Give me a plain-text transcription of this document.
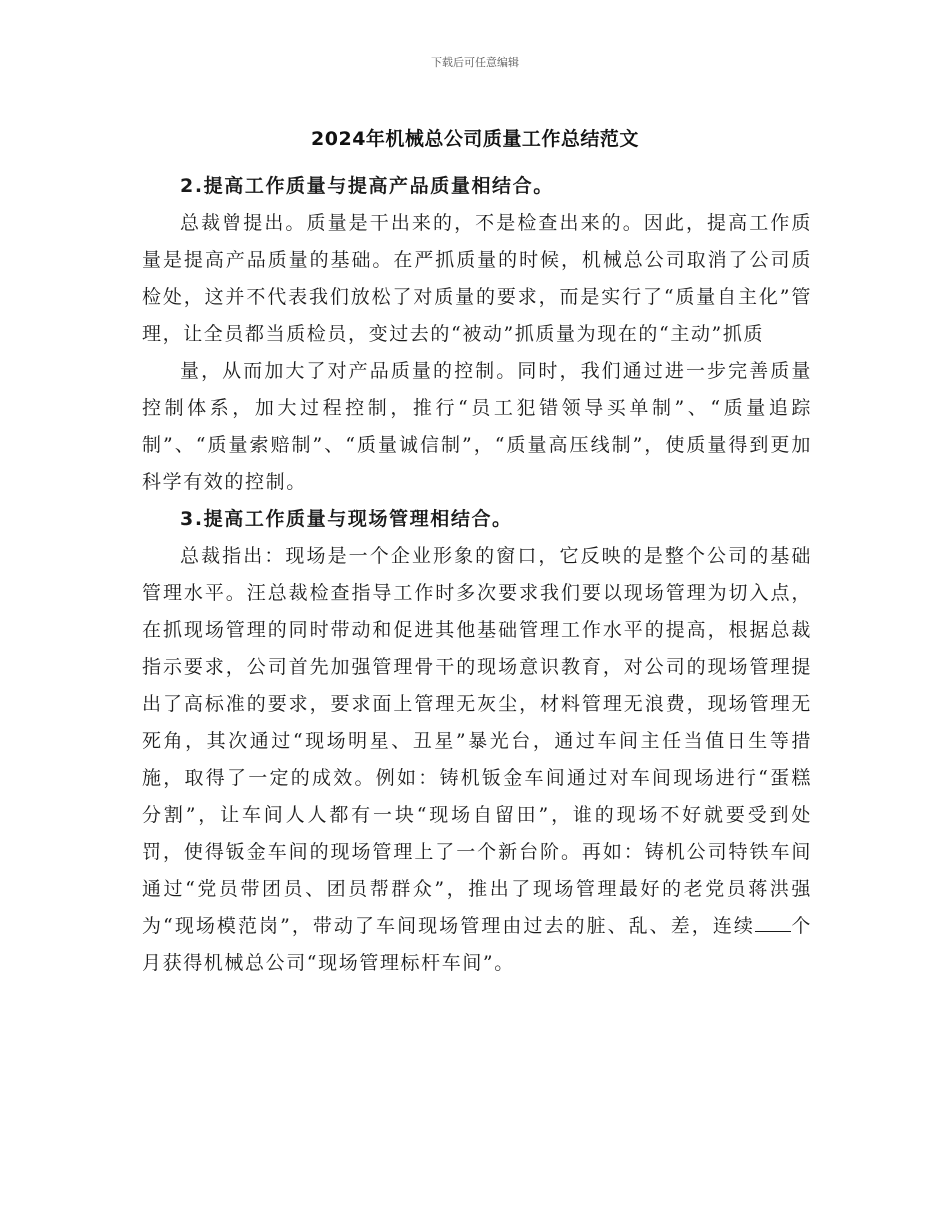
下载后可任意编辑
2024年机械总公司质量工作总结范文
2.提高工作质量与提高产品质量相结合。

总裁曾提出。质量是干出来的，不是检查出来的。因此，提高工作质量是提高产品质量的基础。在严抓质量的时候，机械总公司取消了公司质检处，这并不代表我们放松了对质量的要求，而是实行了“质量自主化”管理，让全员都当质检员，变过去的“被动”抓质量为现在的“主动”抓质

量，从而加大了对产品质量的控制。同时，我们通过进一步完善质量控制体系，加大过程控制，推行“员工犯错领导买单制”、“质量追踪制”、“质量索赔制”、“质量诚信制”，“质量高压线制”，使质量得到更加科学有效的控制。

3.提高工作质量与现场管理相结合。

总裁指出：现场是一个企业形象的窗口，它反映的是整个公司的基础管理水平。汪总裁检查指导工作时多次要求我们要以现场管理为切入点，在抓现场管理的同时带动和促进其他基础管理工作水平的提高，根据总裁指示要求，公司首先加强管理骨干的现场意识教育，对公司的现场管理提出了高标准的要求，要求面上管理无灰尘，材料管理无浪费，现场管理无死角，其次通过“现场明星、丑星”暴光台，通过车间主任当值日生等措施，取得了一定的成效。例如：铸机钣金车间通过对车间现场进行“蛋糕分割”，让车间人人都有一块“现场自留田”，谁的现场不好就要受到处罚，使得钣金车间的现场管理上了一个新台阶。再如：铸机公司特铁车间通过“党员带团员、团员帮群众”，推出了现场管理最好的老党员蒋洪强为“现场模范岗”，带动了车间现场管理由过去的脏、乱、差，连续 个月获得机械总公司“现场管理标杆车间”。
